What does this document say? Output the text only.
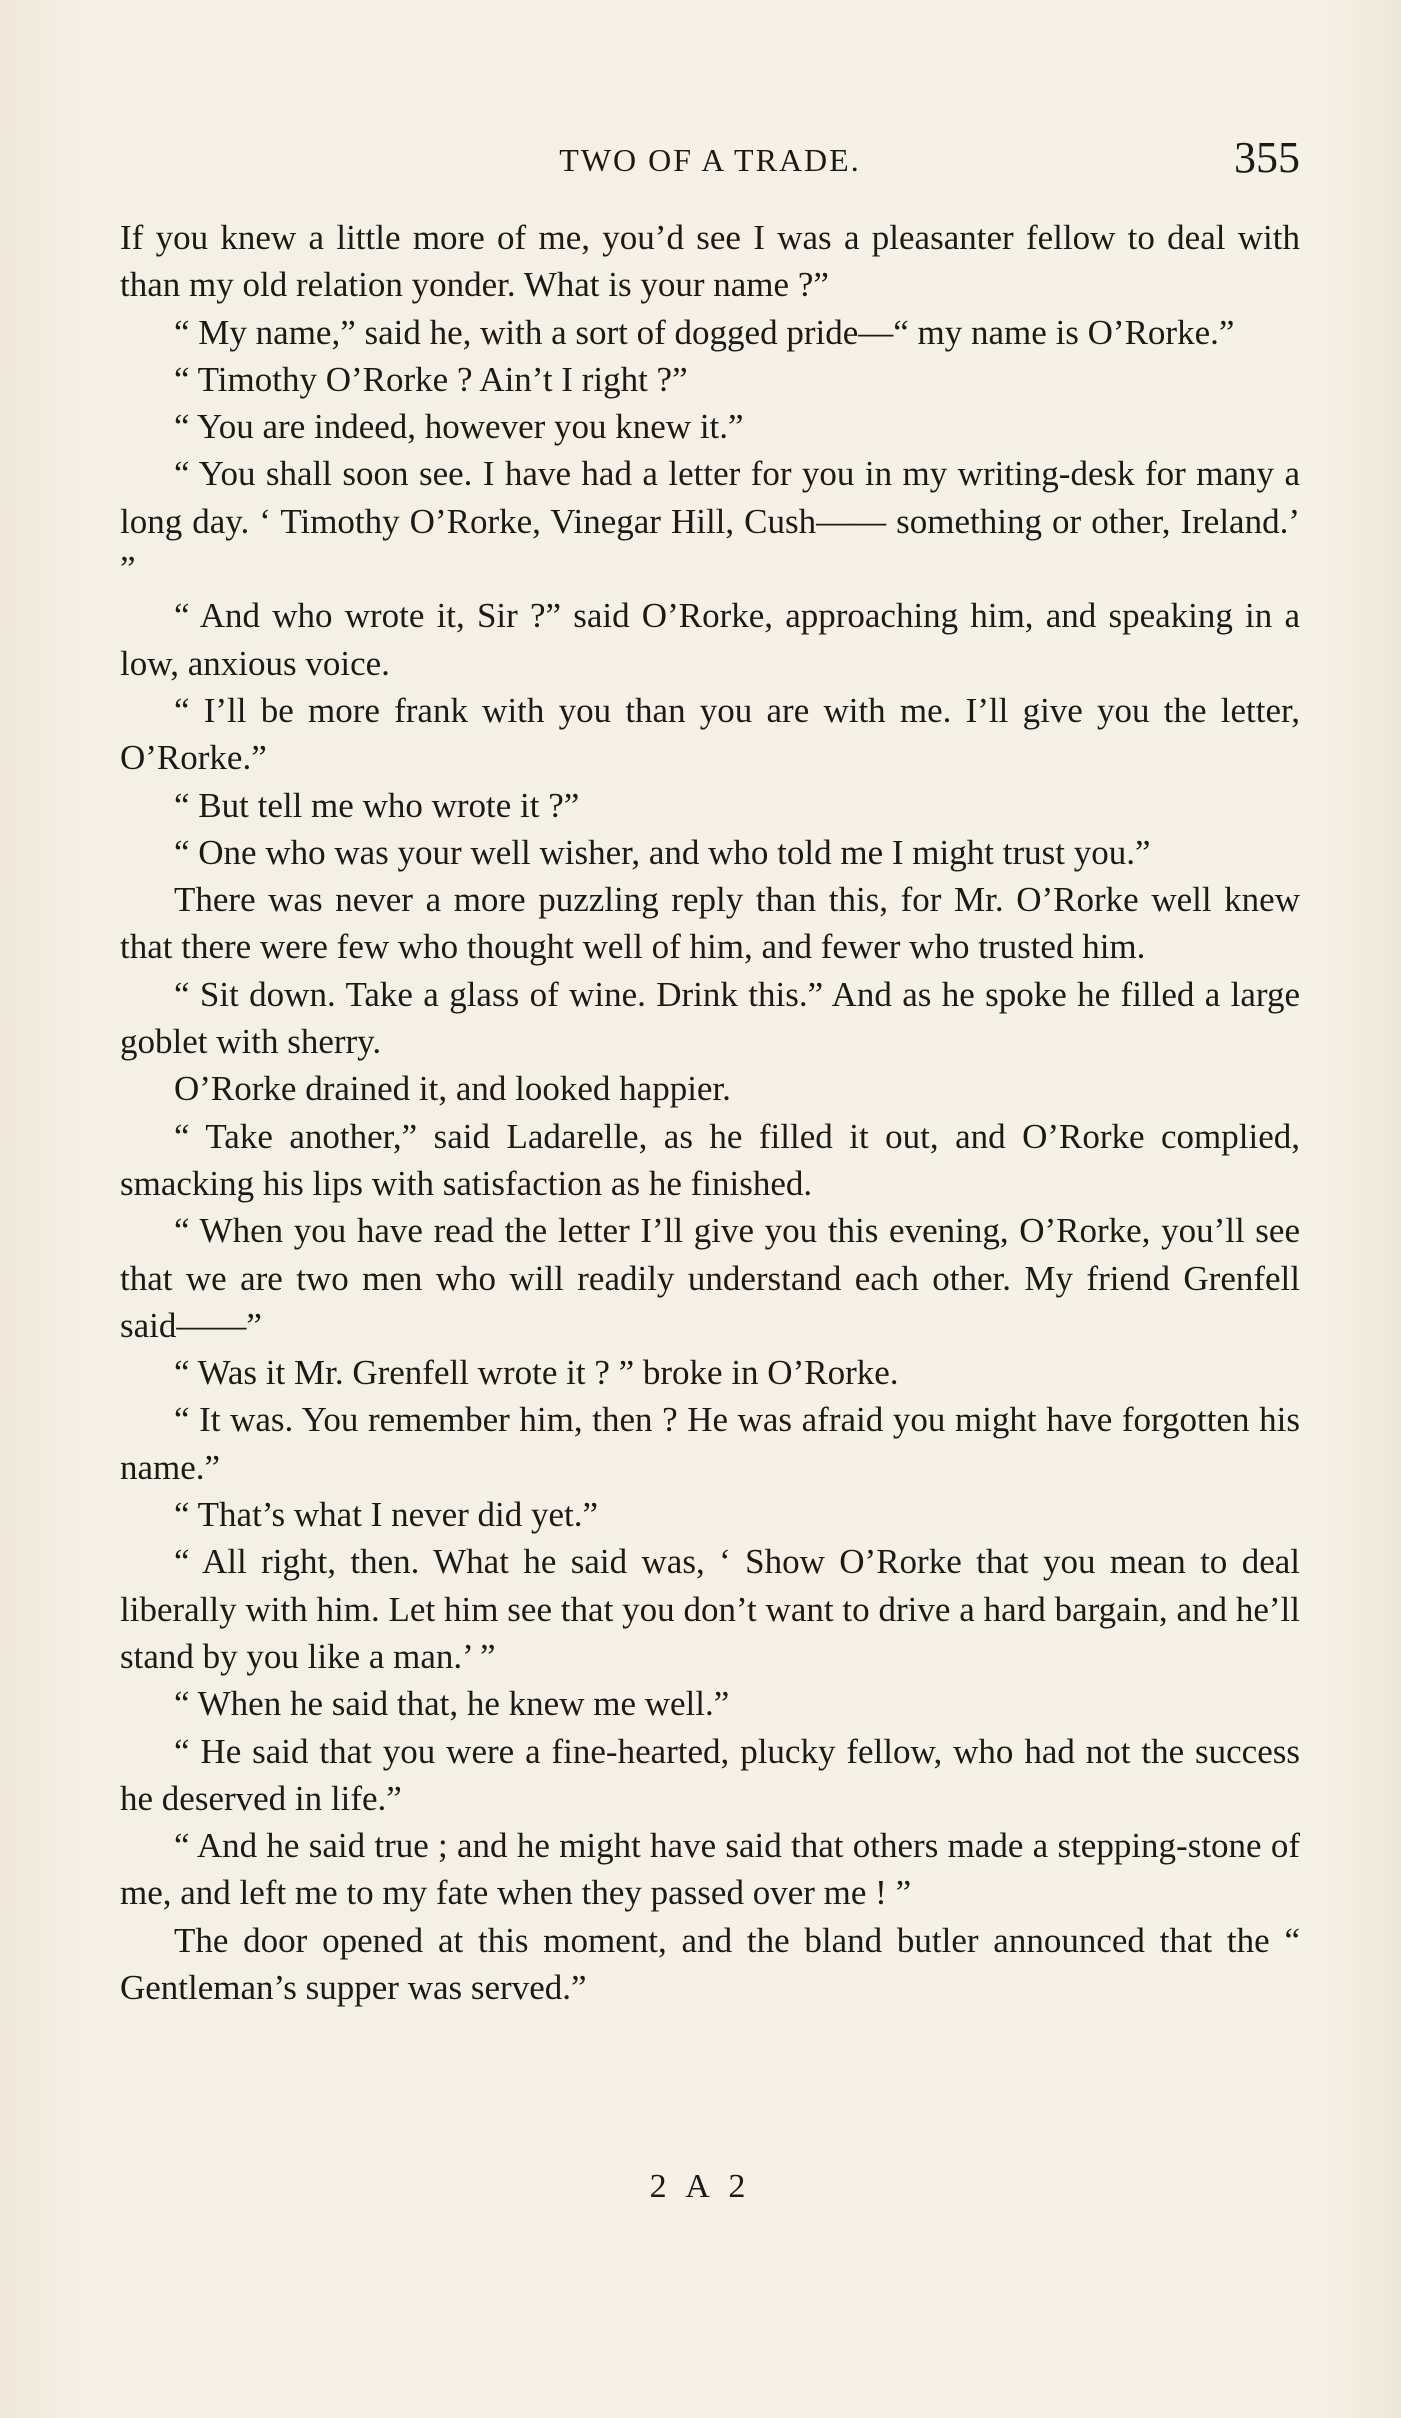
TWO OF A TRADE.	355

If you knew a little more of me, you’d see I was a pleasanter fellow to deal with than my old relation yonder. What is your name ?”

“ My name,” said he, with a sort of dogged pride—“ my name is O’Rorke.”

“ Timothy O’Rorke ? Ain’t I right ?”

“ You are indeed, however you knew it.”

“ You shall soon see. I have had a letter for you in my writing-desk for many a long day. ‘ Timothy O’Rorke, Vinegar Hill, Cush—— something or other, Ireland.’ ”

“ And who wrote it, Sir ?” said O’Rorke, approaching him, and speaking in a low, anxious voice.

“ I’ll be more frank with you than you are with me. I’ll give you the letter, O’Rorke.”

“ But tell me who wrote it ?”

“ One who was your well wisher, and who told me I might trust you.”

There was never a more puzzling reply than this, for Mr. O’Rorke well knew that there were few who thought well of him, and fewer who trusted him.

“ Sit down. Take a glass of wine. Drink this.” And as he spoke he filled a large goblet with sherry.

O’Rorke drained it, and looked happier.

“ Take another,” said Ladarelle, as he filled it out, and O’Rorke complied, smacking his lips with satisfaction as he finished.

“ When you have read the letter I’ll give you this evening, O’Rorke, you’ll see that we are two men who will readily understand each other. My friend Grenfell said——”

“ Was it Mr. Grenfell wrote it ? ” broke in O’Rorke.

“ It was. You remember him, then ? He was afraid you might have forgotten his name.”

“ That’s what I never did yet.”

“ All right, then. What he said was, ‘ Show O’Rorke that you mean to deal liberally with him. Let him see that you don’t want to drive a hard bargain, and he’ll stand by you like a man.’ ”

“ When he said that, he knew me well.”

“ He said that you were a fine-hearted, plucky fellow, who had not the success he deserved in life.”

“ And he said true ; and he might have said that others made a stepping-stone of me, and left me to my fate when they passed over me ! ”

The door opened at this moment, and the bland butler announced that the “ Gentleman’s supper was served.”

2 A 2
